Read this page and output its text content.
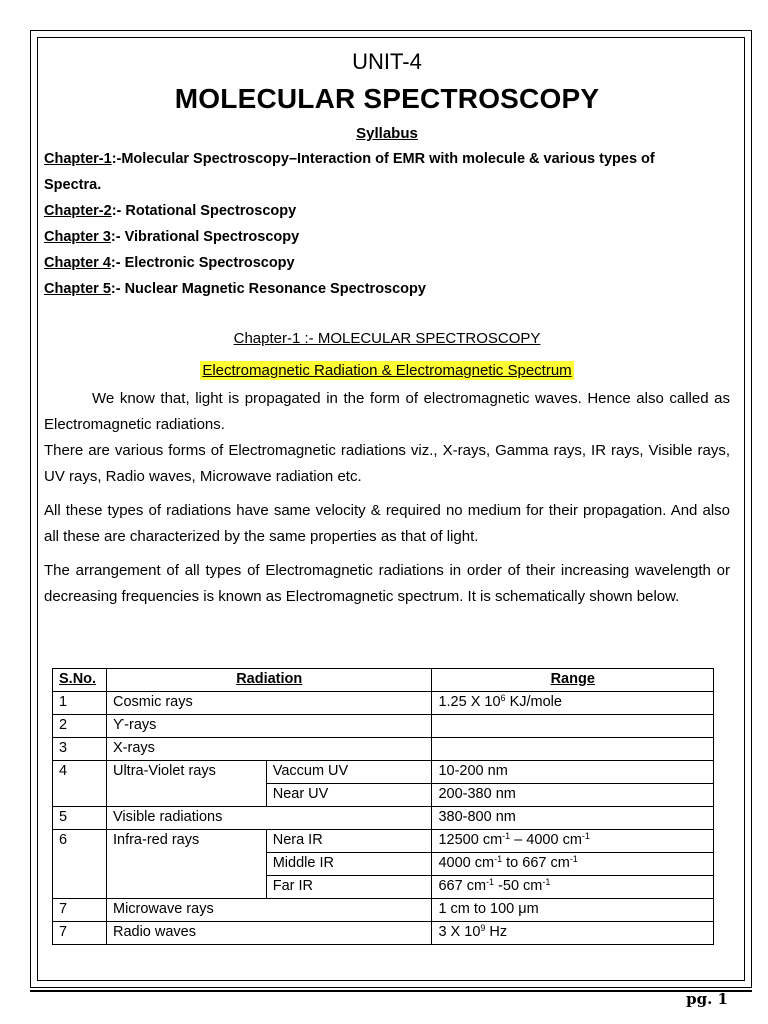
UNIT-4

MOLECULAR SPECTROSCOPY

Syllabus

Chapter-1:-Molecular Spectroscopy–Interaction of EMR with molecule & various types of

Spectra.

Chapter-2:- Rotational Spectroscopy

Chapter 3:- Vibrational Spectroscopy

Chapter 4:- Electronic Spectroscopy

Chapter 5:- Nuclear Magnetic Resonance Spectroscopy

Chapter-1 :- MOLECULAR SPECTROSCOPY

Electromagnetic Radiation & Electromagnetic Spectrum

We know that, light is propagated in the form of electromagnetic waves. Hence also called as Electromagnetic radiations.

There are various forms of Electromagnetic radiations viz., X-rays, Gamma rays, IR rays, Visible rays, UV rays, Radio waves, Microwave radiation etc.

All these types of radiations have same velocity & required no medium for their propagation. And also all these are characterized by the same properties as that of light.

The arrangement of all types of Electromagnetic radiations in order of their increasing wavelength or decreasing frequencies is known as Electromagnetic spectrum. It is schematically shown below.

S.No.	Radiation		Range
1	Cosmic rays		1.25 X $10^6$ KJ/mole
2	ϒ-rays		
3	X-rays		
4	Ultra-Violet rays	Vaccum UV	10-200 nm
		Near UV	200-380 nm
5	Visible radiations		380-800 nm
6	Infra-red rays	Nera IR	12500 $cm^{-1} - 4000$ $cm^{-1}$
		Middle IR	4000 $cm^{-1}$ to 667 $cm^{-1}$
		Far IR	667 $cm^{-1}$ -50 $cm^{-1}$
7	Microwave rays		1 cm to 100 μm
7	Radio waves		3 X $10^9$ Hz
pg. 1
